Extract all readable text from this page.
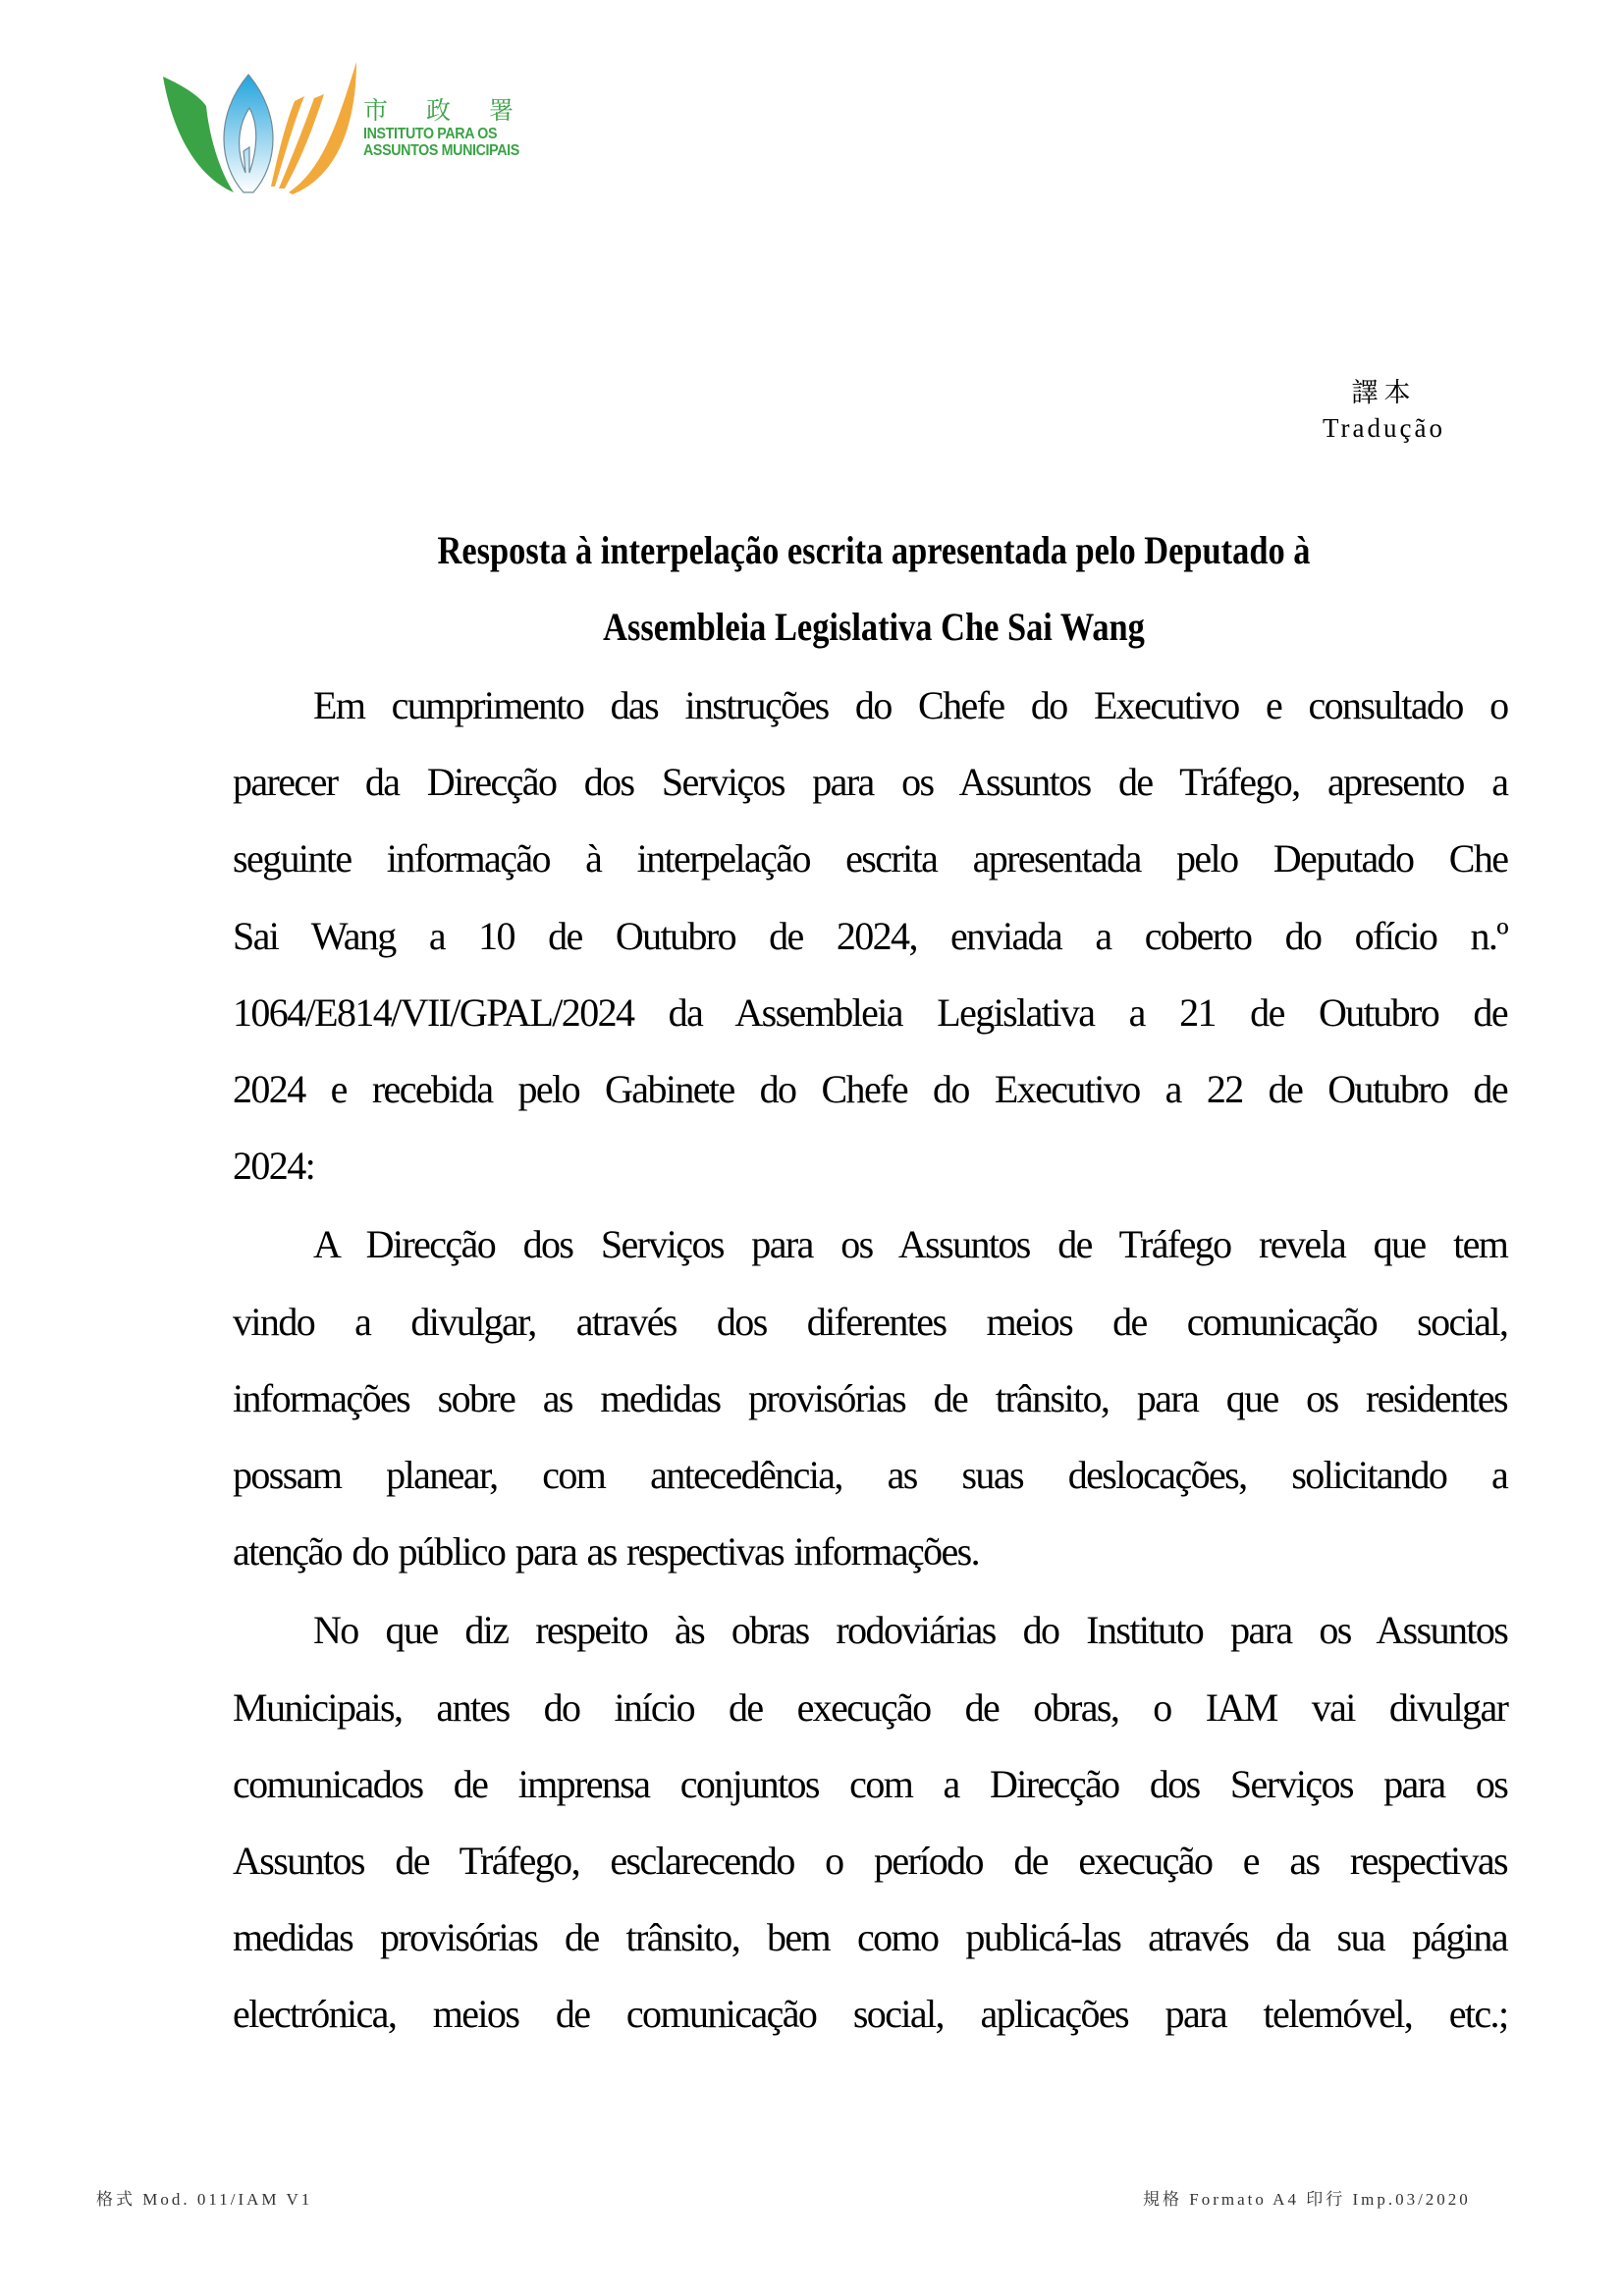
市 政 署
INSTITUTO PARA OS
ASSUNTOS MUNICIPAIS
譯本
Tradução
Resposta à interpelação escrita apresentada pelo Deputado à
Assembleia Legislativa Che Sai Wang
Em cumprimento das instruções do Chefe do Executivo e consultado o
parecer da Direcção dos Serviços para os Assuntos de Tráfego, apresento a
seguinte informação à interpelação escrita apresentada pelo Deputado Che
Sai Wang a 10 de Outubro de 2024, enviada a coberto do ofício n.º
1064/E814/VII/GPAL/2024 da Assembleia Legislativa a 21 de Outubro de
2024 e recebida pelo Gabinete do Chefe do Executivo a 22 de Outubro de
2024:
A Direcção dos Serviços para os Assuntos de Tráfego revela que tem
vindo a divulgar, através dos diferentes meios de comunicação social,
informações sobre as medidas provisórias de trânsito, para que os residentes
possam planear, com antecedência, as suas deslocações, solicitando a
atenção do público para as respectivas informações.
No que diz respeito às obras rodoviárias do Instituto para os Assuntos
Municipais, antes do início de execução de obras, o IAM vai divulgar
comunicados de imprensa conjuntos com a Direcção dos Serviços para os
Assuntos de Tráfego, esclarecendo o período de execução e as respectivas
medidas provisórias de trânsito, bem como publicá-las através da sua página
electrónica, meios de comunicação social, aplicações para telemóvel, etc.;
格式 Mod. 011/IAM V1	規格 Formato A4 印行 Imp.03/2020
